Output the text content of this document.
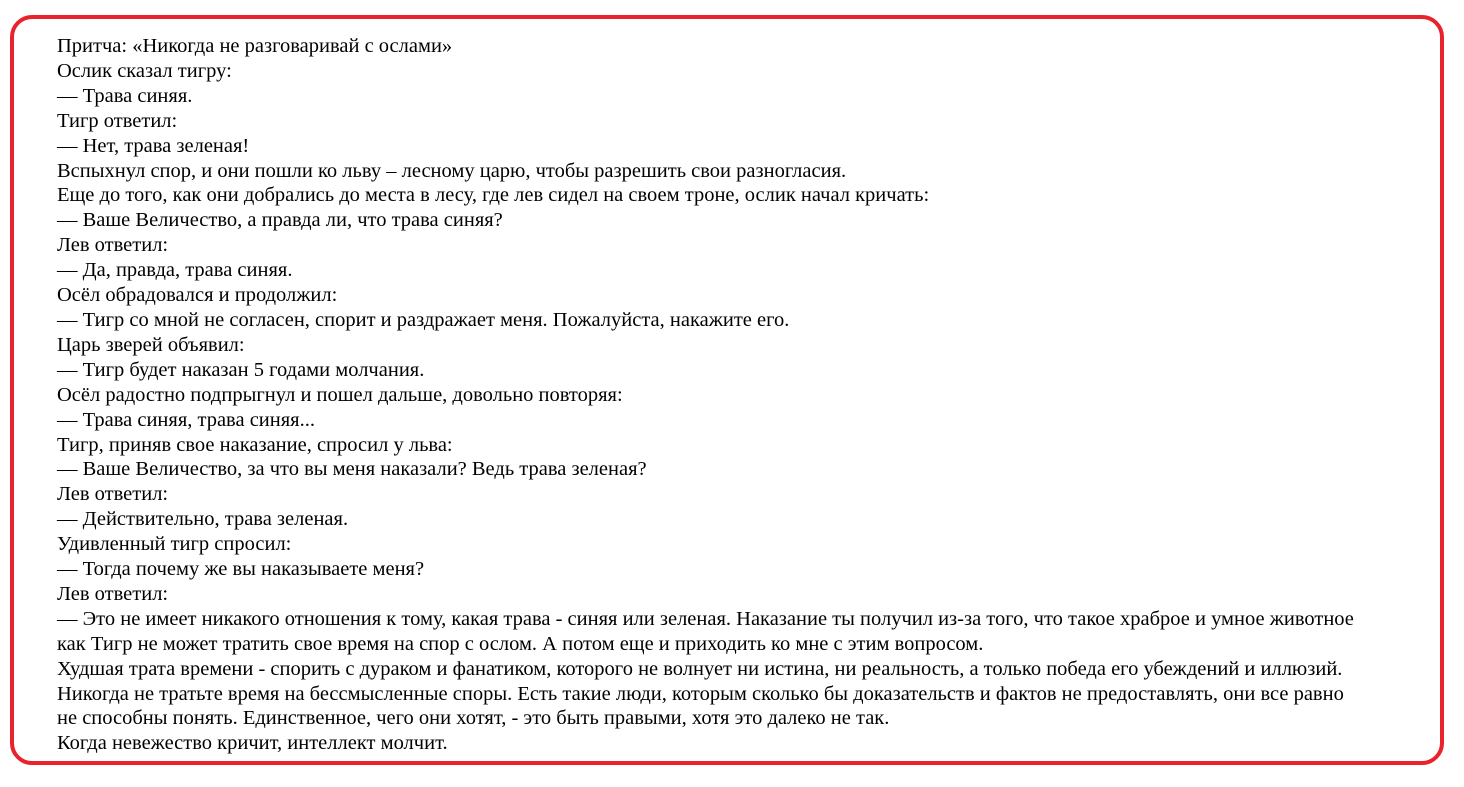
Притча: «Никогда не разговаривай с ослами»
Ослик сказал тигру:
— Трава синяя.
Тигр ответил:
— Нет, трава зеленая!
Вспыхнул спор, и они пошли ко льву – лесному царю, чтобы разрешить свои разногласия.
Еще до того, как они добрались до места в лесу, где лев сидел на своем троне, ослик начал кричать:
— Ваше Величество, а правда ли, что трава синяя?
Лев ответил:
— Да, правда, трава синяя.
Осёл обрадовался и продолжил:
— Тигр со мной не согласен, спорит и раздражает меня. Пожалуйста, накажите его.
Царь зверей объявил:
— Тигр будет наказан 5 годами молчания.
Осёл радостно подпрыгнул и пошел дальше, довольно повторяя:
— Трава синяя, трава синяя...
Тигр, приняв свое наказание, спросил у льва:
— Ваше Величество, за что вы меня наказали? Ведь трава зеленая?
Лев ответил:
— Действительно, трава зеленая.
Удивленный тигр спросил:
— Тогда почему же вы наказываете меня?
Лев ответил:
— Это не имеет никакого отношения к тому, какая трава - синяя или зеленая. Наказание ты получил из-за того, что такое храброе и умное животное
как Тигр не может тратить свое время на спор с ослом. А потом еще и приходить ко мне с этим вопросом.
Худшая трата времени - спорить с дураком и фанатиком, которого не волнует ни истина, ни реальность, а только победа его убеждений и иллюзий.
Никогда не тратьте время на бессмысленные споры. Есть такие люди, которым сколько бы доказательств и фактов не предоставлять, они все равно
не способны понять. Единственное, чего они хотят, - это быть правыми, хотя это далеко не так.
Когда невежество кричит, интеллект молчит.
